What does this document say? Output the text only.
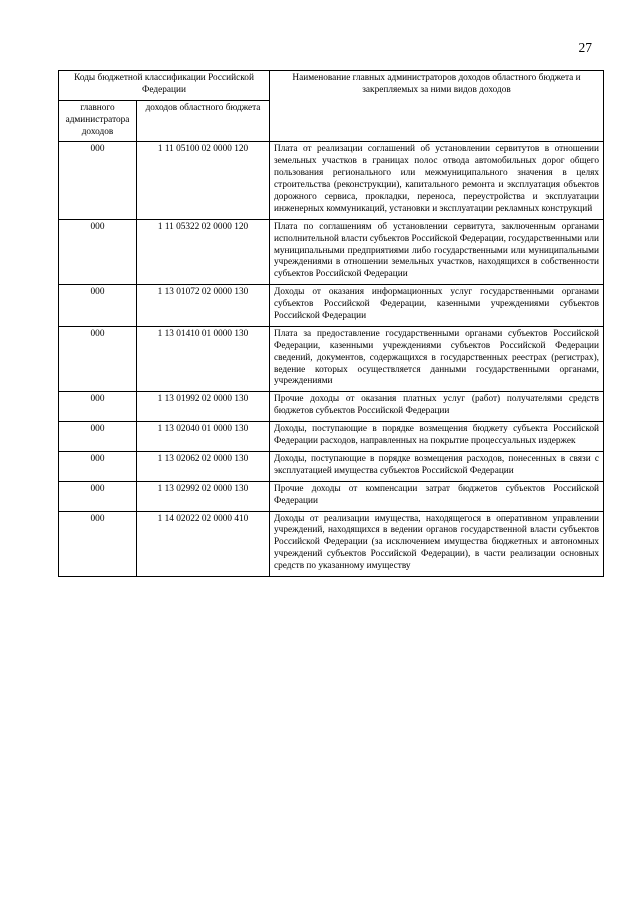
27
Коды бюджетной классификации Российской Федерации		Наименование главных администраторов доходов областного бюджета и закрепляемых за ними видов доходов
главного администратора доходов	доходов областного бюджета	
000	1 11 05100 02 0000 120	Плата от реализации соглашений об установлении сервитутов в отношении земельных участков в границах полос отвода автомобильных дорог общего пользования регионального или межмуниципального значения в целях строительства (реконструкции), капитального ремонта и эксплуатация объектов дорожного сервиса, прокладки, переноса, переустройства и эксплуатации инженерных коммуникаций, установки и эксплуатации рекламных конструкций
000	1 11 05322 02 0000 120	Плата по соглашениям об установлении сервитута, заключенным органами исполнительной власти субъектов Российской Федерации, государственными или муниципальными предприятиями либо государственными или муниципальными учреждениями в отношении земельных участков, находящихся в собственности субъектов Российской Федерации
000	1 13 01072 02 0000 130	Доходы от оказания информационных услуг государственными органами субъектов Российской Федерации, казенными учреждениями субъектов Российской Федерации
000	1 13 01410 01 0000 130	Плата за предоставление государственными органами субъектов Российской Федерации, казенными учреждениями субъектов Российской Федерации сведений, документов, содержащихся в государственных реестрах (регистрах), ведение которых осуществляется данными государственными органами, учреждениями
000	1 13 01992 02 0000 130	Прочие доходы от оказания платных услуг (работ) получателями средств бюджетов субъектов Российской Федерации
000	1 13 02040 01 0000 130	Доходы, поступающие в порядке возмещения бюджету субъекта Российской Федерации расходов, направленных на покрытие процессуальных издержек
000	1 13 02062 02 0000 130	Доходы, поступающие в порядке возмещения расходов, понесенных в связи с эксплуатацией имущества субъектов Российской Федерации
000	1 13 02992 02 0000 130	Прочие доходы от компенсации затрат бюджетов субъектов Российской Федерации
000	1 14 02022 02 0000 410	Доходы от реализации имущества, находящегося в оперативном управлении учреждений, находящихся в ведении органов государственной власти субъектов Российской Федерации (за исключением имущества бюджетных и автономных учреждений субъектов Российской Федерации), в части реализации основных средств по указанному имуществу
